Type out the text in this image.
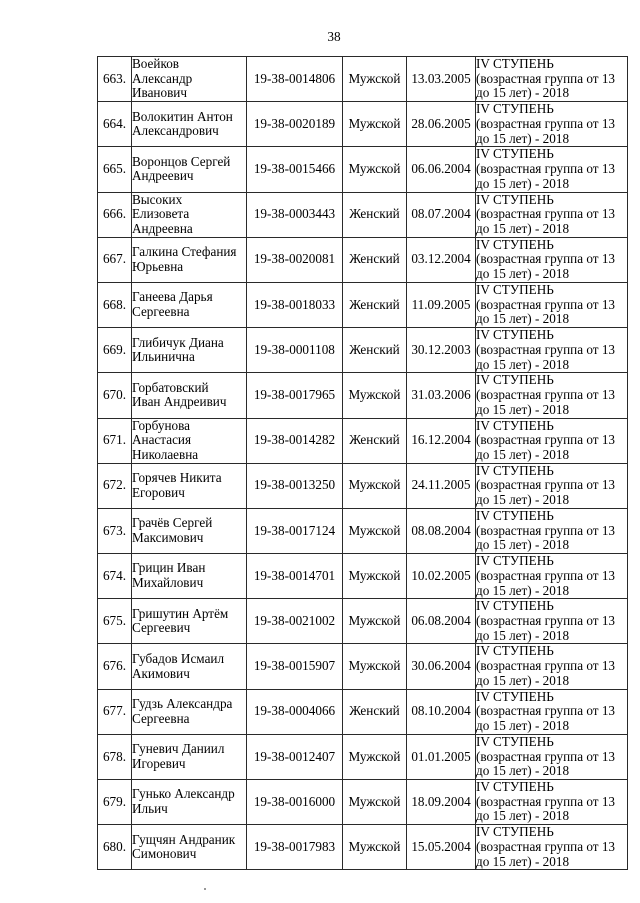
38
663.	Воейков
Александр
Иванович	19-38-0014806	Мужской	13.03.2005	IV СТУПЕНЬ
(возрастная группа от 13
до 15 лет) - 2018
664.	Волокитин Антон
Александрович	19-38-0020189	Мужской	28.06.2005	IV СТУПЕНЬ
(возрастная группа от 13
до 15 лет) - 2018
665.	Воронцов Сергей
Андреевич	19-38-0015466	Мужской	06.06.2004	IV СТУПЕНЬ
(возрастная группа от 13
до 15 лет) - 2018
666.	Высоких
Елизовета
Андреевна	19-38-0003443	Женский	08.07.2004	IV СТУПЕНЬ
(возрастная группа от 13
до 15 лет) - 2018
667.	Галкина Стефания
Юрьевна	19-38-0020081	Женский	03.12.2004	IV СТУПЕНЬ
(возрастная группа от 13
до 15 лет) - 2018
668.	Ганеева Дарья
Сергеевна	19-38-0018033	Женский	11.09.2005	IV СТУПЕНЬ
(возрастная группа от 13
до 15 лет) - 2018
669.	Глибичук Диана
Ильинична	19-38-0001108	Женский	30.12.2003	IV СТУПЕНЬ
(возрастная группа от 13
до 15 лет) - 2018
670.	Горбатовский
Иван Андреивич	19-38-0017965	Мужской	31.03.2006	IV СТУПЕНЬ
(возрастная группа от 13
до 15 лет) - 2018
671.	Горбунова
Анастасия
Николаевна	19-38-0014282	Женский	16.12.2004	IV СТУПЕНЬ
(возрастная группа от 13
до 15 лет) - 2018
672.	Горячев Никита
Егорович	19-38-0013250	Мужской	24.11.2005	IV СТУПЕНЬ
(возрастная группа от 13
до 15 лет) - 2018
673.	Грачёв Сергей
Максимович	19-38-0017124	Мужской	08.08.2004	IV СТУПЕНЬ
(возрастная группа от 13
до 15 лет) - 2018
674.	Грицин Иван
Михайлович	19-38-0014701	Мужской	10.02.2005	IV СТУПЕНЬ
(возрастная группа от 13
до 15 лет) - 2018
675.	Гришутин Артём
Сергеевич	19-38-0021002	Мужской	06.08.2004	IV СТУПЕНЬ
(возрастная группа от 13
до 15 лет) - 2018
676.	Губадов Исмаил
Акимович	19-38-0015907	Мужской	30.06.2004	IV СТУПЕНЬ
(возрастная группа от 13
до 15 лет) - 2018
677.	Гудзь Александра
Сергеевна	19-38-0004066	Женский	08.10.2004	IV СТУПЕНЬ
(возрастная группа от 13
до 15 лет) - 2018
678.	Гуневич Даниил
Игоревич	19-38-0012407	Мужской	01.01.2005	IV СТУПЕНЬ
(возрастная группа от 13
до 15 лет) - 2018
679.	Гунько Александр
Ильич	19-38-0016000	Мужской	18.09.2004	IV СТУПЕНЬ
(возрастная группа от 13
до 15 лет) - 2018
680.	Гущчян Андраник
Симонович	19-38-0017983	Мужской	15.05.2004	IV СТУПЕНЬ
(возрастная группа от 13
до 15 лет) - 2018
